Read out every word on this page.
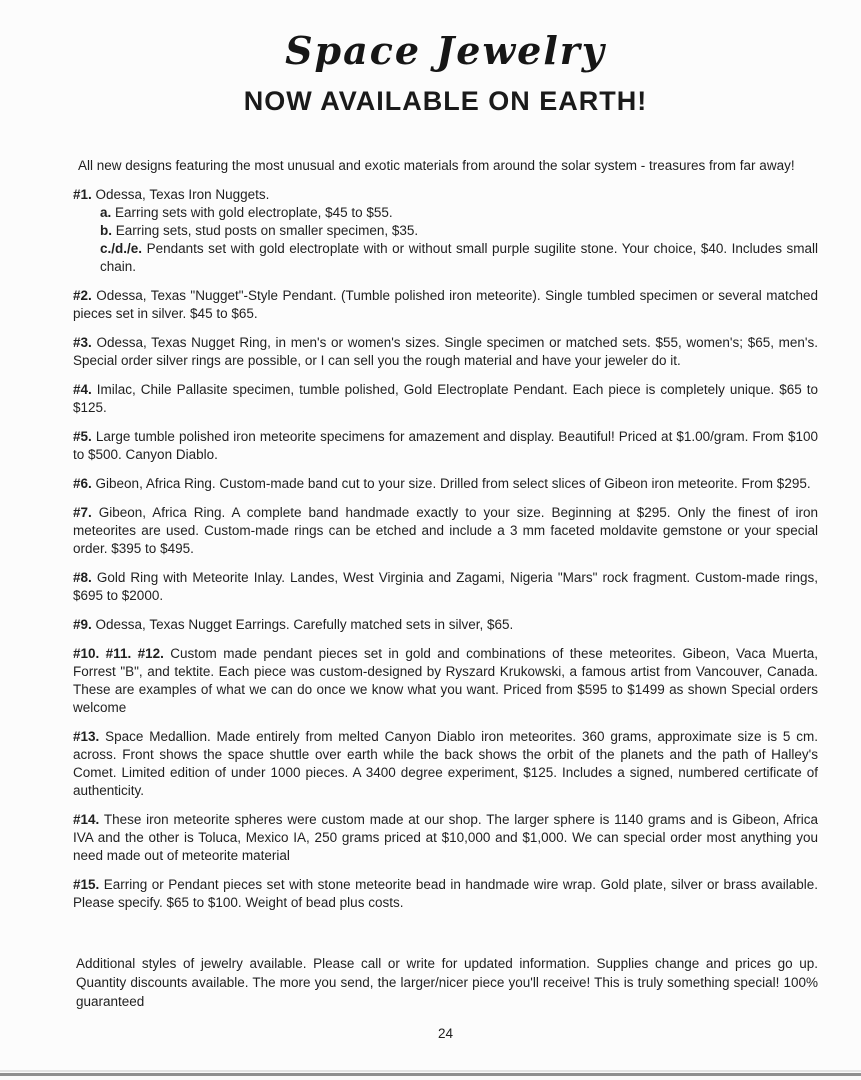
Space Jewelry
NOW AVAILABLE ON EARTH!

All new designs featuring the most unusual and exotic materials from around the solar system - treasures from far away!

#1. Odessa, Texas Iron Nuggets.
a. Earring sets with gold electroplate, $45 to $55.
b. Earring sets, stud posts on smaller specimen, $35.
c./d./e. Pendants set with gold electroplate with or without small purple sugilite stone. Your choice, $40. Includes small chain.
#2. Odessa, Texas "Nugget"-Style Pendant. (Tumble polished iron meteorite). Single tumbled specimen or several matched pieces set in silver. $45 to $65.
#3. Odessa, Texas Nugget Ring, in men's or women's sizes. Single specimen or matched sets. $55, women's; $65, men's. Special order silver rings are possible, or I can sell you the rough material and have your jeweler do it.
#4. Imilac, Chile Pallasite specimen, tumble polished, Gold Electroplate Pendant. Each piece is completely unique. $65 to $125.
#5. Large tumble polished iron meteorite specimens for amazement and display. Beautiful! Priced at $1.00/gram. From $100 to $500. Canyon Diablo.
#6. Gibeon, Africa Ring. Custom-made band cut to your size. Drilled from select slices of Gibeon iron meteorite. From $295.
#7. Gibeon, Africa Ring. A complete band handmade exactly to your size. Beginning at $295. Only the finest of iron meteorites are used. Custom-made rings can be etched and include a 3 mm faceted moldavite gemstone or your special order. $395 to $495.
#8. Gold Ring with Meteorite Inlay. Landes, West Virginia and Zagami, Nigeria "Mars" rock fragment. Custom-made rings, $695 to $2000.
#9. Odessa, Texas Nugget Earrings. Carefully matched sets in silver, $65.
#10. #11. #12. Custom made pendant pieces set in gold and combinations of these meteorites. Gibeon, Vaca Muerta, Forrest "B", and tektite. Each piece was custom-designed by Ryszard Krukowski, a famous artist from Vancouver, Canada. These are examples of what we can do once we know what you want. Priced from $595 to $1499 as shown Special orders welcome
#13. Space Medallion. Made entirely from melted Canyon Diablo iron meteorites. 360 grams, approximate size is 5 cm. across. Front shows the space shuttle over earth while the back shows the orbit of the planets and the path of Halley's Comet. Limited edition of under 1000 pieces. A 3400 degree experiment, $125. Includes a signed, numbered certificate of authenticity.
#14. These iron meteorite spheres were custom made at our shop. The larger sphere is 1140 grams and is Gibeon, Africa IVA and the other is Toluca, Mexico IA, 250 grams priced at $10,000 and $1,000. We can special order most anything you need made out of meteorite material
#15. Earring or Pendant pieces set with stone meteorite bead in handmade wire wrap. Gold plate, silver or brass available. Please specify. $65 to $100. Weight of bead plus costs.

Additional styles of jewelry available. Please call or write for updated information. Supplies change and prices go up. Quantity discounts available. The more you send, the larger/nicer piece you'll receive! This is truly something special! 100% guaranteed

24
